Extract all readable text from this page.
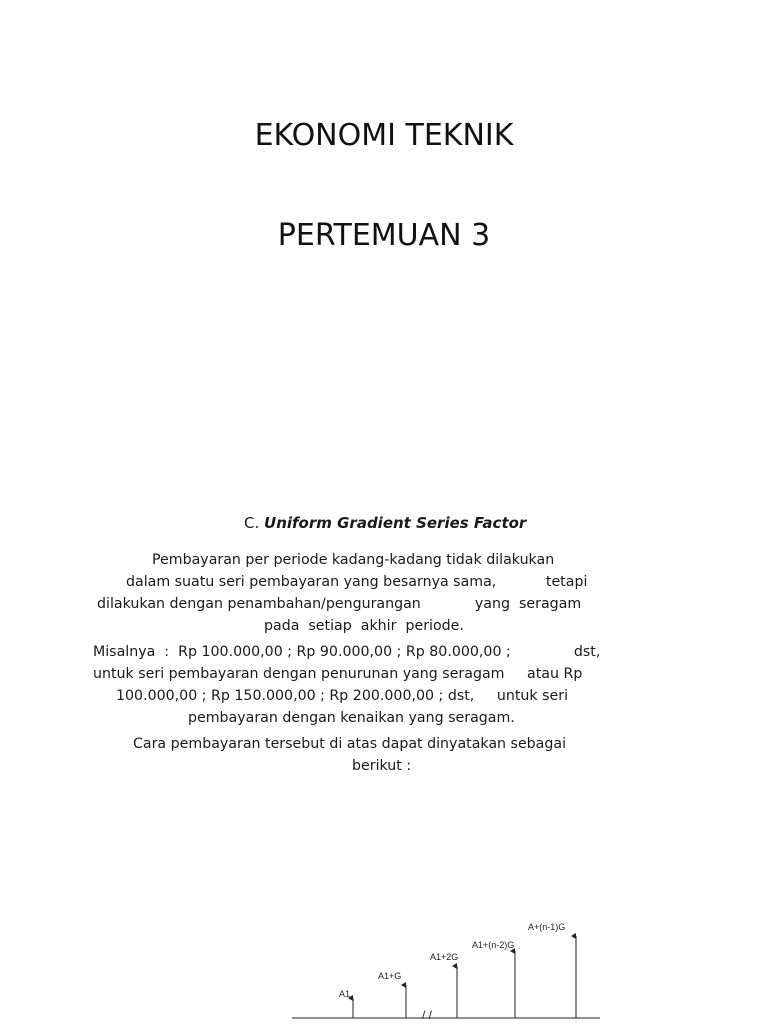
EKONOMI TEKNIK
PERTEMUAN 3
C. Uniform Gradient Series Factor
Pembayaran per periode kadang-kadang tidak dilakukan
dalam suatu seri pembayaran yang besarnya sama,           tetapi
dilakukan dengan penambahan/pengurangan            yang  seragam
pada  setiap  akhir  periode.
Misalnya  :  Rp 100.000,00 ; Rp 90.000,00 ; Rp 80.000,00 ;              dst,
untuk seri pembayaran dengan penurunan yang seragam     atau Rp
100.000,00 ; Rp 150.000,00 ; Rp 200.000,00 ; dst,     untuk seri
pembayaran dengan kenaikan yang seragam.
Cara pembayaran tersebut di atas dapat dinyatakan sebagai
berikut :
A1
A1+G
A1+2G
A1+(n-2)G
A+(n-1)G
/ /
